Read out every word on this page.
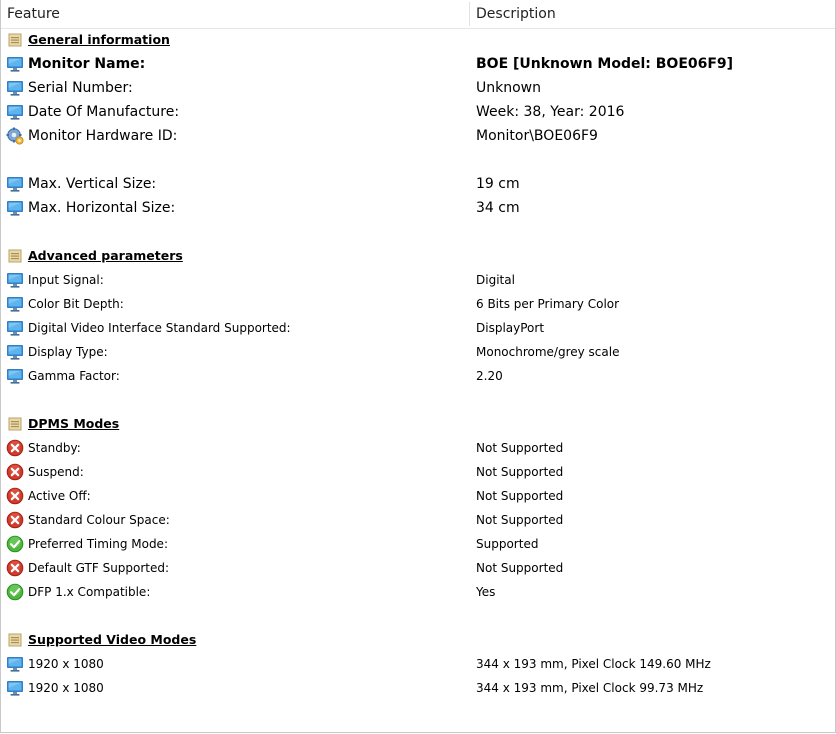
Feature	Description
General information
Monitor Name:	BOE [Unknown Model: BOE06F9]
Serial Number:	Unknown
Date Of Manufacture:	Week: 38, Year: 2016
Monitor Hardware ID:	Monitor\BOE06F9
Max. Vertical Size:	19 cm
Max. Horizontal Size:	34 cm
Advanced parameters
Input Signal:	Digital
Color Bit Depth:	6 Bits per Primary Color
Digital Video Interface Standard Supported:	DisplayPort
Display Type:	Monochrome/grey scale
Gamma Factor:	2.20
DPMS Modes
Standby:	Not Supported
Suspend:	Not Supported
Active Off:	Not Supported
Standard Colour Space:	Not Supported
Preferred Timing Mode:	Supported
Default GTF Supported:	Not Supported
DFP 1.x Compatible:	Yes
Supported Video Modes
1920 x 1080	344 x 193 mm, Pixel Clock 149.60 MHz
1920 x 1080	344 x 193 mm, Pixel Clock 99.73 MHz
